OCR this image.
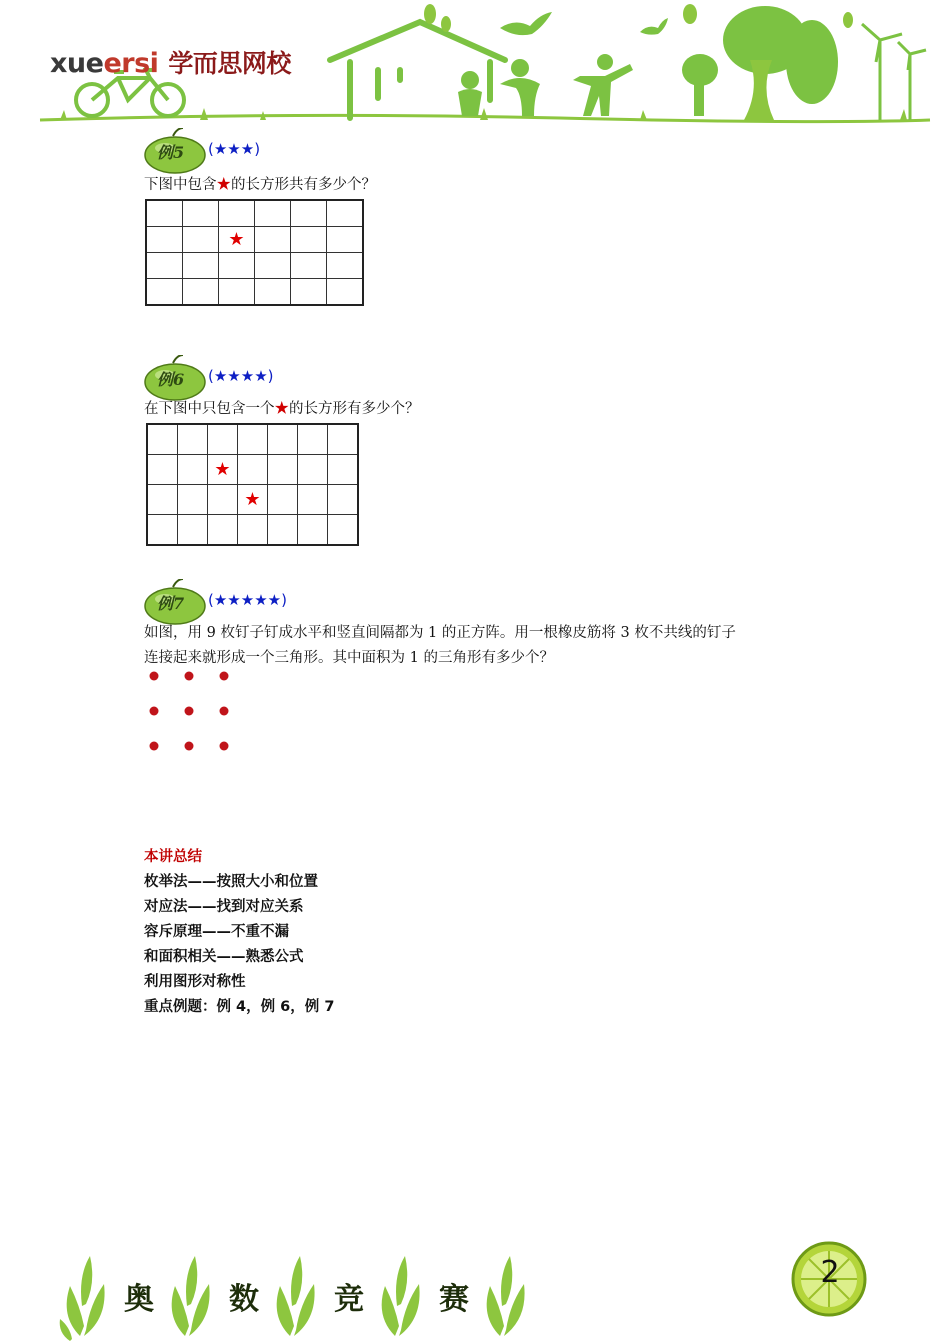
xueersi 学而思网校
例5 (★★★)
下图中包含★的长方形共有多少个？

		★			

例6 (★★★★)
在下图中只包含一个★的长方形有多少个？

		★				
			★			

例7 (★★★★★)
如图，用 9 枚钉子钉成水平和竖直间隔都为 1 的正方阵。用一根橡皮筋将 3 枚不共线的钉子
连接起来就形成一个三角形。其中面积为 1 的三角形有多少个？
本讲总结
枚举法——按照大小和位置
对应法——找到对应关系
容斥原理——不重不漏
和面积相关——熟悉公式
利用图形对称性
重点例题：例 4，例 6，例 7
奥	数	竞	赛
2
